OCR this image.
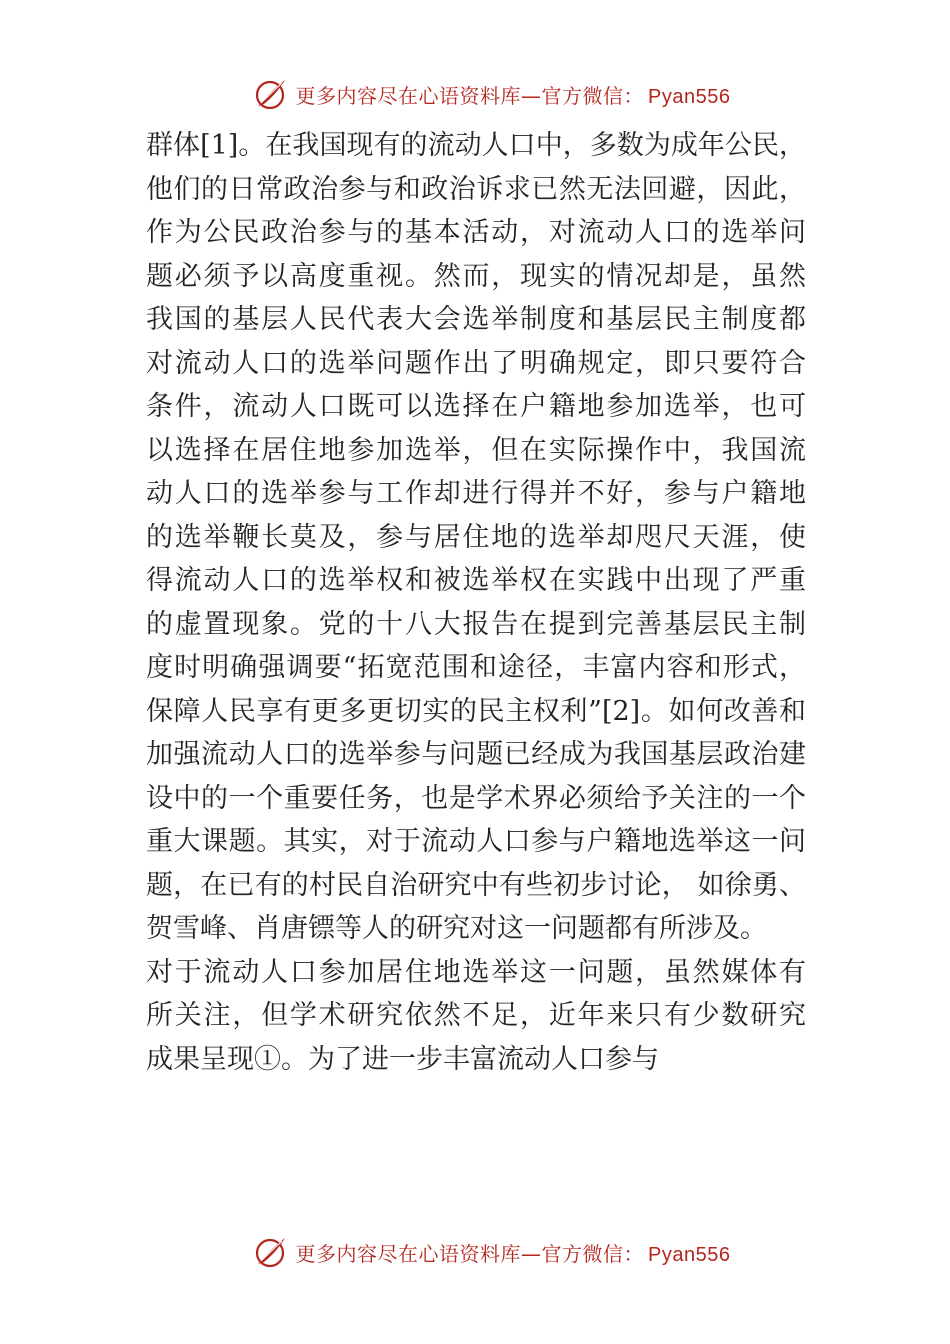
更多内容尽在心语资料库—官方微信： Pyan556
群体[1]。在我国现有的流动人口中，多数为成年公民，
他们的日常政治参与和政治诉求已然无法回避，因此，
作为公民政治参与的基本活动，对流动人口的选举问
题必须予以高度重视。然而，现实的情况却是，虽然
我国的基层人民代表大会选举制度和基层民主制度都
对流动人口的选举问题作出了明确规定，即只要符合
条件，流动人口既可以选择在户籍地参加选举，也可
以选择在居住地参加选举，但在实际操作中，我国流
动人口的选举参与工作却进行得并不好，参与户籍地
的选举鞭长莫及，参与居住地的选举却咫尺天涯，使
得流动人口的选举权和被选举权在实践中出现了严重
的虚置现象。党的十八大报告在提到完善基层民主制
度时明确强调要“拓宽范围和途径，丰富内容和形式，
保障人民享有更多更切实的民主权利”[2]。如何改善和
加强流动人口的选举参与问题已经成为我国基层政治建
设中的一个重要任务，也是学术界必须给予关注的一个
重大课题。其实，对于流动人口参与户籍地选举这一问
题，在已有的村民自治研究中有些初步讨论， 如徐勇、
贺雪峰、肖唐镖等人的研究对这一问题都有所涉及。
对于流动人口参加居住地选举这一问题，虽然媒体有
所关注，但学术研究依然不足，近年来只有少数研究
成果呈现①。为了进一步丰富流动人口参与
更多内容尽在心语资料库—官方微信： Pyan556
